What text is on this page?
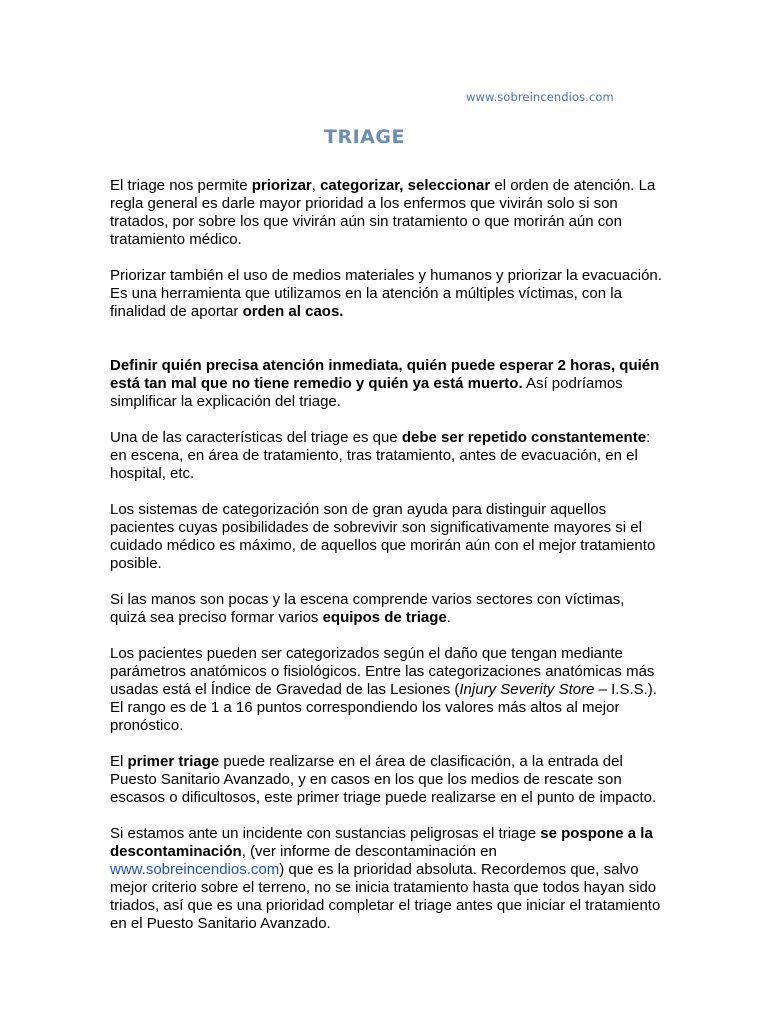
www.sobreincendios.com
TRIAGE

El triage nos permite priorizar, categorizar, seleccionar el orden de atención. La regla general es darle mayor prioridad a los enfermos que vivirán solo si son tratados, por sobre los que vivirán aún sin tratamiento o que morirán aún con tratamiento médico.

Priorizar también el uso de medios materiales y humanos y priorizar la evacuación. Es una herramienta que utilizamos en la atención a múltiples víctimas, con la finalidad de aportar orden al caos.

Definir quién precisa atención inmediata, quién puede esperar 2 horas, quién está tan mal que no tiene remedio y quién ya está muerto. Así podríamos simplificar la explicación del triage.

Una de las características del triage es que debe ser repetido constantemente: en escena, en área de tratamiento, tras tratamiento, antes de evacuación, en el hospital, etc.

Los sistemas de categorización son de gran ayuda para distinguir aquellos pacientes cuyas posibilidades de sobrevivir son significativamente mayores si el cuidado médico es máximo, de aquellos que morirán aún con el mejor tratamiento posible.

Si las manos son pocas y la escena comprende varios sectores con víctimas, quizá sea preciso formar varios equipos de triage.

Los pacientes pueden ser categorizados según el daño que tengan mediante parámetros anatómicos o fisiológicos. Entre las categorizaciones anatómicas más usadas está el Índice de Gravedad de las Lesiones (Injury Severity Store – I.S.S.). El rango es de 1 a 16 puntos correspondiendo los valores más altos al mejor pronóstico.

El primer triage puede realizarse en el área de clasificación, a la entrada del Puesto Sanitario Avanzado, y en casos en los que los medios de rescate son escasos o dificultosos, este primer triage puede realizarse en el punto de impacto.

Si estamos ante un incidente con sustancias peligrosas el triage se pospone a la descontaminación, (ver informe de descontaminación en www.sobreincendios.com) que es la prioridad absoluta. Recordemos que, salvo mejor criterio sobre el terreno, no se inicia tratamiento hasta que todos hayan sido triados, así que es una prioridad completar el triage antes que iniciar el tratamiento en el Puesto Sanitario Avanzado.
